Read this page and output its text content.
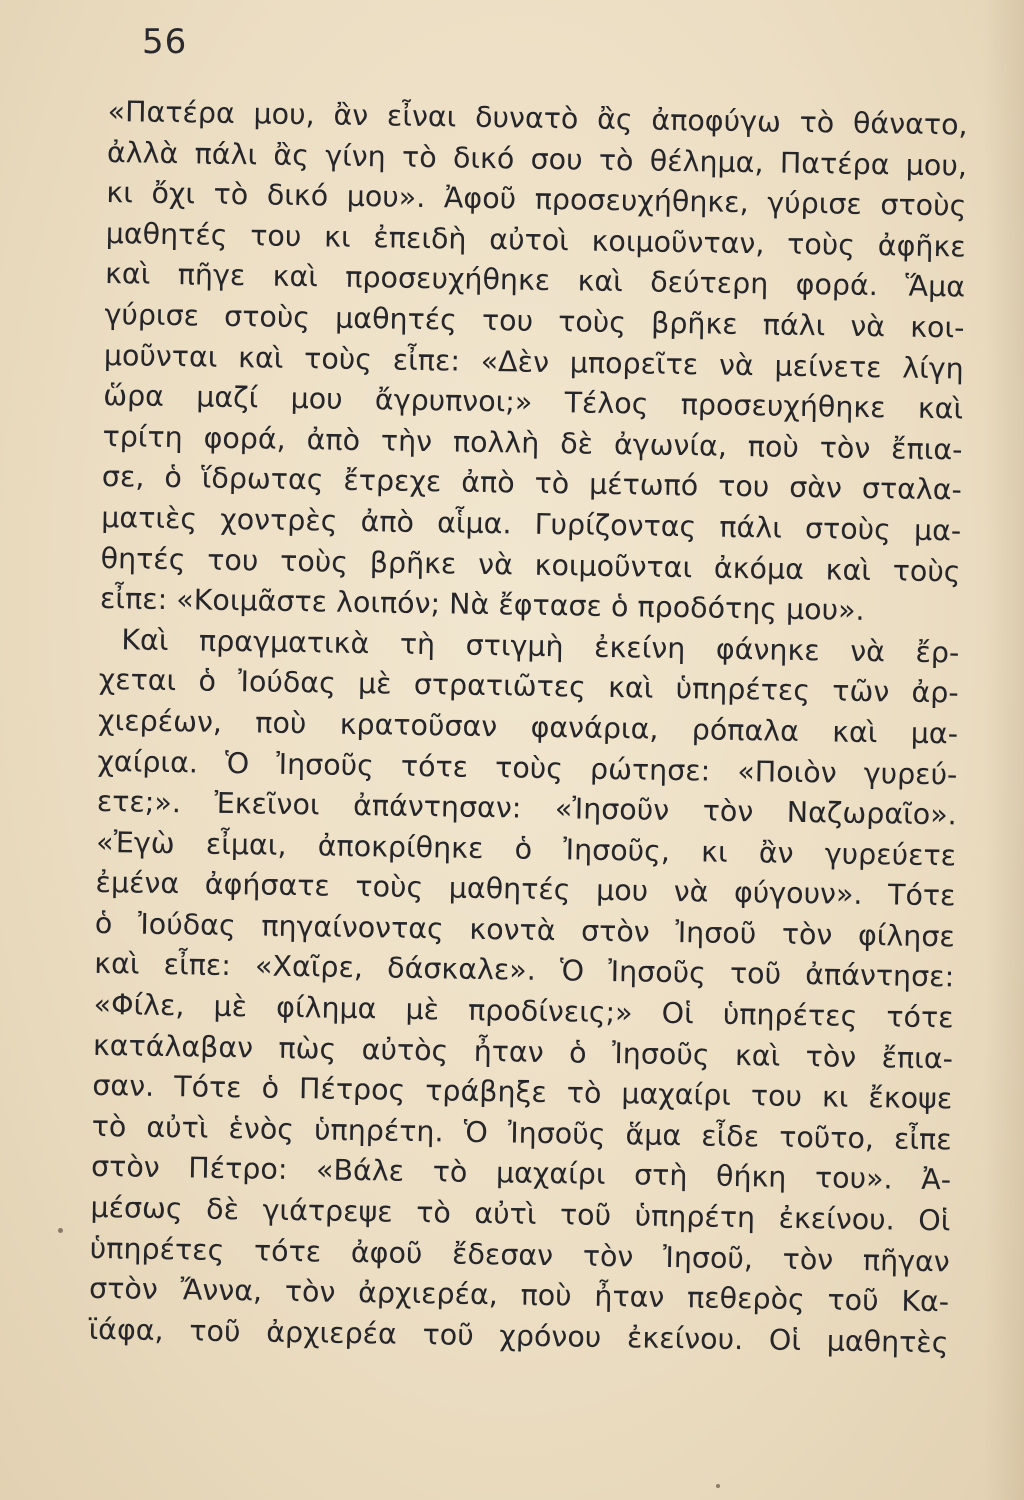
56
«Πατέρα μου, ἂν εἶναι δυνατὸ ἂς ἀποφύγω τὸ θάνατο,
ἀλλὰ πάλι ἂς γίνη τὸ δικό σου τὸ θέλημα, Πατέρα μου,
κι ὄχι τὸ δικό μου». Ἀφοῦ προσευχήθηκε, γύρισε στοὺς
μαθητές του κι ἐπειδὴ αὐτοὶ κοιμοῦνταν, τοὺς ἀφῆκε
καὶ πῆγε καὶ προσευχήθηκε καὶ δεύτερη φορά. Ἅμα
γύρισε στοὺς μαθητές του τοὺς βρῆκε πάλι νὰ κοι-
μοῦνται καὶ τοὺς εἶπε: «Δὲν μπορεῖτε νὰ μείνετε λίγη
ὥρα μαζί μου ἄγρυπνοι;» Τέλος προσευχήθηκε καὶ
τρίτη φορά, ἀπὸ τὴν πολλὴ δὲ ἀγωνία, ποὺ τὸν ἔπια-
σε, ὁ ἵδρωτας ἔτρεχε ἀπὸ τὸ μέτωπό του σὰν σταλα-
ματιὲς χοντρὲς ἀπὸ αἷμα. Γυρίζοντας πάλι στοὺς μα-
θητές του τοὺς βρῆκε νὰ κοιμοῦνται ἀκόμα καὶ τοὺς
εἶπε: «Κοιμᾶστε λοιπόν; Νὰ ἔφτασε ὁ προδότης μου».
Καὶ πραγματικὰ τὴ στιγμὴ ἐκείνη φάνηκε νὰ ἔρ-
χεται ὁ Ἰούδας μὲ στρατιῶτες καὶ ὑπηρέτες τῶν ἀρ-
χιερέων, ποὺ κρατοῦσαν φανάρια, ρόπαλα καὶ μα-
χαίρια. Ὁ Ἰησοῦς τότε τοὺς ρώτησε: «Ποιὸν γυρεύ-
ετε;». Ἐκεῖνοι ἀπάντησαν: «Ἰησοῦν τὸν Ναζωραῖο».
«Ἐγὼ εἶμαι, ἀποκρίθηκε ὁ Ἰησοῦς, κι ἂν γυρεύετε
ἐμένα ἀφήσατε τοὺς μαθητές μου νὰ φύγουν». Τότε
ὁ Ἰούδας πηγαίνοντας κοντὰ στὸν Ἰησοῦ τὸν φίλησε
καὶ εἶπε: «Χαῖρε, δάσκαλε». Ὁ Ἰησοῦς τοῦ ἀπάντησε:
«Φίλε, μὲ φίλημα μὲ προδίνεις;» Οἱ ὑπηρέτες τότε
κατάλαβαν πὼς αὐτὸς ἦταν ὁ Ἰησοῦς καὶ τὸν ἔπια-
σαν. Τότε ὁ Πέτρος τράβηξε τὸ μαχαίρι του κι ἔκοψε
τὸ αὐτὶ ἑνὸς ὑπηρέτη. Ὁ Ἰησοῦς ἅμα εἶδε τοῦτο, εἶπε
στὸν Πέτρο: «Βάλε τὸ μαχαίρι στὴ θήκη του». Ἀ-
μέσως δὲ γιάτρεψε τὸ αὐτὶ τοῦ ὑπηρέτη ἐκείνου. Οἱ
ὑπηρέτες τότε ἀφοῦ ἔδεσαν τὸν Ἰησοῦ, τὸν πῆγαν
στὸν Ἄννα, τὸν ἀρχιερέα, ποὺ ἦταν πεθερὸς τοῦ Κα-
ϊάφα, τοῦ ἀρχιερέα τοῦ χρόνου ἐκείνου. Οἱ μαθητὲς
